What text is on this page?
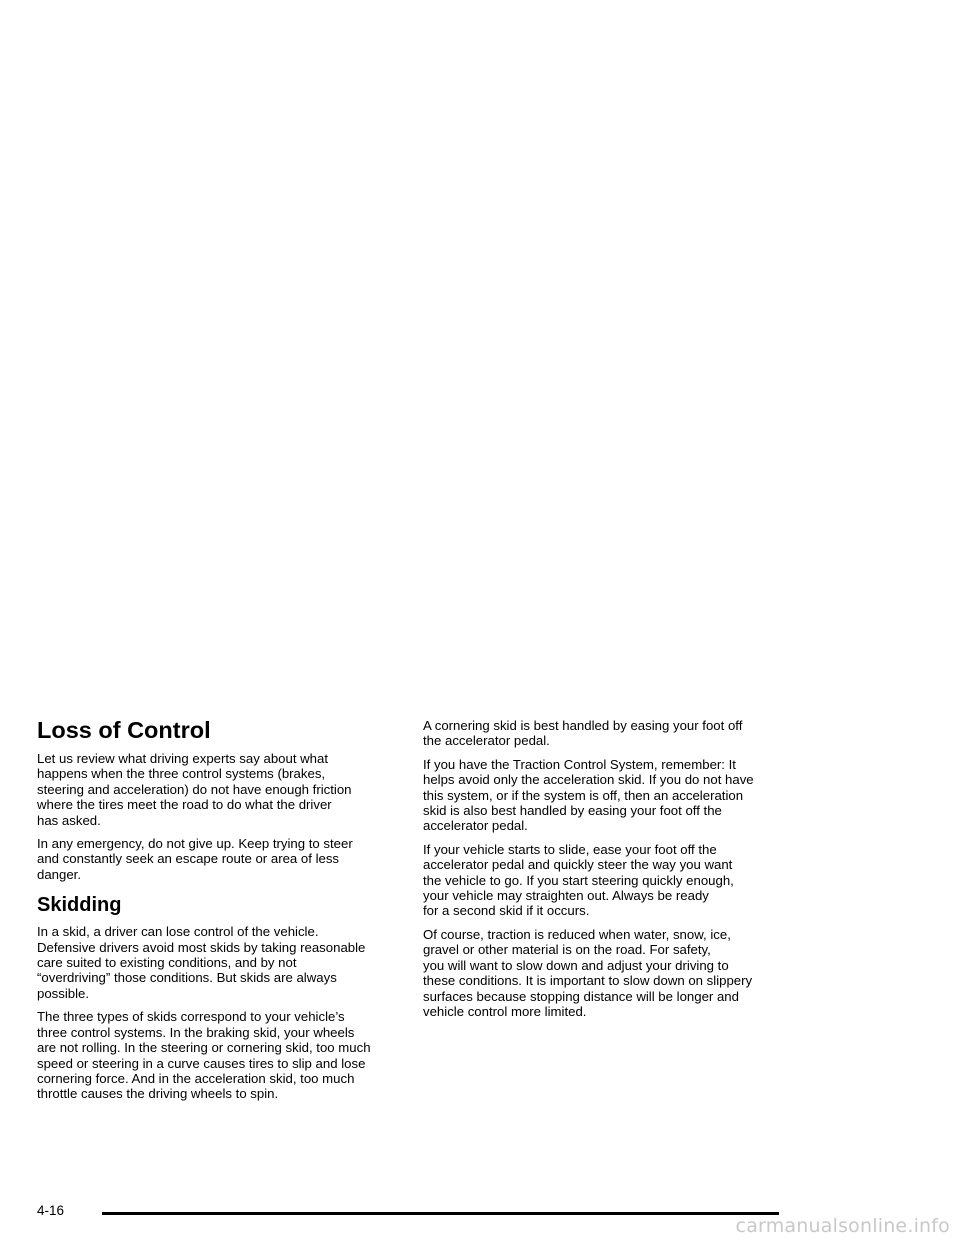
Loss of Control

Let us review what driving experts say about what
happens when the three control systems (brakes,
steering and acceleration) do not have enough friction
where the tires meet the road to do what the driver
has asked.

In any emergency, do not give up. Keep trying to steer
and constantly seek an escape route or area of less
danger.

Skidding

In a skid, a driver can lose control of the vehicle.
Defensive drivers avoid most skids by taking reasonable
care suited to existing conditions, and by not
“overdriving” those conditions. But skids are always
possible.

The three types of skids correspond to your vehicle’s
three control systems. In the braking skid, your wheels
are not rolling. In the steering or cornering skid, too much
speed or steering in a curve causes tires to slip and lose
cornering force. And in the acceleration skid, too much
throttle causes the driving wheels to spin.

A cornering skid is best handled by easing your foot off
the accelerator pedal.

If you have the Traction Control System, remember: It
helps avoid only the acceleration skid. If you do not have
this system, or if the system is off, then an acceleration
skid is also best handled by easing your foot off the
accelerator pedal.

If your vehicle starts to slide, ease your foot off the
accelerator pedal and quickly steer the way you want
the vehicle to go. If you start steering quickly enough,
your vehicle may straighten out. Always be ready
for a second skid if it occurs.

Of course, traction is reduced when water, snow, ice,
gravel or other material is on the road. For safety,
you will want to slow down and adjust your driving to
these conditions. It is important to slow down on slippery
surfaces because stopping distance will be longer and
vehicle control more limited.

4-16
carmanualsonline.info
